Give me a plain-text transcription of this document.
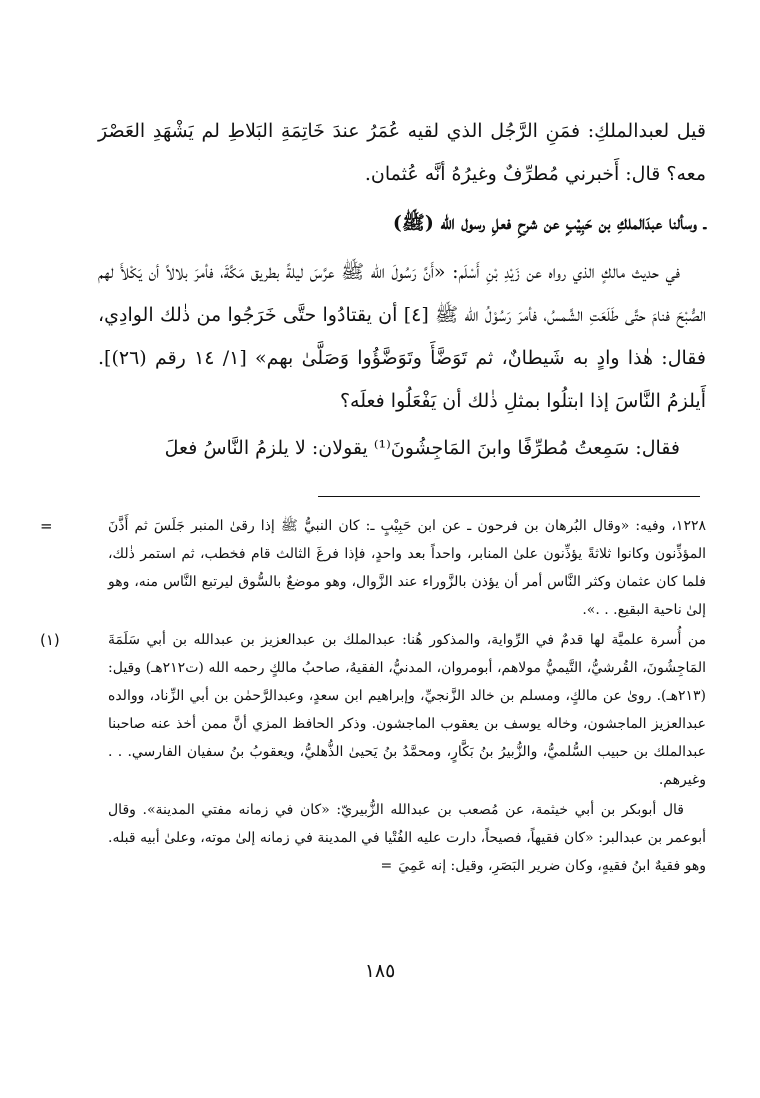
قيل لعبدالملكِ: فمَنِ الرَّجُل الذي لقيه عُمَرُ عندَ خَاتِمَةِ البَلاطِ لم يَشْهَدِ العَصْرَ معه؟ قال: أَخبرني مُطرِّفٌ وغيرُهُ أنَّه عُثمان.

ـ وسألنا عبدَالملكِ بن حَبِيْبٍ عن شرحِ فعلِ رسول الله (ﷺ)

في حديث مالكٍ الذي رواه عن زَيْدِ بْنِ أَسْلَم: «أَنَّ رَسُولَ الله ﷺ عرَّسَ ليلةً بطريق مَكَّةَ، فأمرَ بلالاً أن يَكْلأَ لهم الصُّبْحَ فنامَ حتَّى طَلَعَتِ الشَّمسُ، فأمرَ رَسُوْلُ الله ﷺ [٤] أن يقتادُوا حتَّى خَرَجُوا من ذٰلك الوادِي، فقال: هٰذا وادٍ به شَيطانٌ، ثم تَوَضَّأَ وتَوَضَّؤُوا وَصَلَّىٰ بهم» [١/ ١٤ رقم (٢٦)]. أَيلزمُ النَّاسَ إذا ابتلُوا بمثلِ ذٰلك أن يَفْعَلُوا فعلَه؟

فقال: سَمِعتُ مُطرِّفًا وابنَ المَاجِشُونَ⁽¹⁾ يقولان: لا يلزمُ النَّاسُ فعلَ

=	١٢٢٨، وفيه: «وقال البُرهان بن فرحون ـ عن ابن حَبِيْبٍ ـ: كان النبيُّ ﷺ إذا رقىٰ المنبر جَلَسَ ثم أَذَّنَ المؤذِّنون وكانوا ثلاثةً يؤذِّنون علىٰ المنابر، واحداً بعد واحدٍ، فإذا فرغَ الثالث قام فخطب، ثم استمر ذٰلك، فلما كان عثمان وكثر النَّاس أمر أن يؤذن بالزَّوراء عند الزَّوال، وهو موضعٌ بالسُّوق ليرتبع النَّاس منه، وهو إلىٰ ناحية البقيع. . .».

(١)	من أُسرة علميَّة لها قدمٌ في الرِّواية، والمذكور هُنا: عبدالملك بن عبدالعزيز بن عبدالله بن أبي سَلَمَةَ المَاجِشُونَ، القُرشيُّ، التَّيميُّ مولاهم، أبومروان، المدنيُّ، الفقيهُ، صاحبُ مالكٍ رحمه الله (ت٢١٢هـ) وقيل: (٢١٣هـ). روىٰ عن مالكٍ، ومسلم بن خالد الزَّنجيِّ، وإبراهيم ابن سعدٍ، وعبدالرَّحمٰن بن أبي الزِّناد، ووالده عبدالعزيز الماجشون، وخاله يوسف بن يعقوب الماجشون. وذكر الحافظ المزي أنَّ ممن أخذ عنه صاحبنا عبدالملك بن حبيب السُّلميُّ، والزُّبيرُ بنُ بَكَّارٍ، ومحمَّدُ بنُ يَحيىٰ الذُّهليُّ، ويعقوبُ بنُ سفيان الفارسي. . . وغيرهم.

قال أبوبكر بن أبي خيثمة، عن مُصعب بن عبدالله الزُّبيريّ: «كان في زمانه مفتي المدينة». وقال أبوعمر بن عبدالبر: «كان فقيهاً، فصيحاً، دارت عليه الفُتْيا في المدينة في زمانه إلىٰ موته، وعلىٰ أبيه قبله. وهو فقيهٌ ابنُ فقيهٍ، وكان ضرير البَصَرِ، وقيل: إنه عَمِيَ=

١٨٥
